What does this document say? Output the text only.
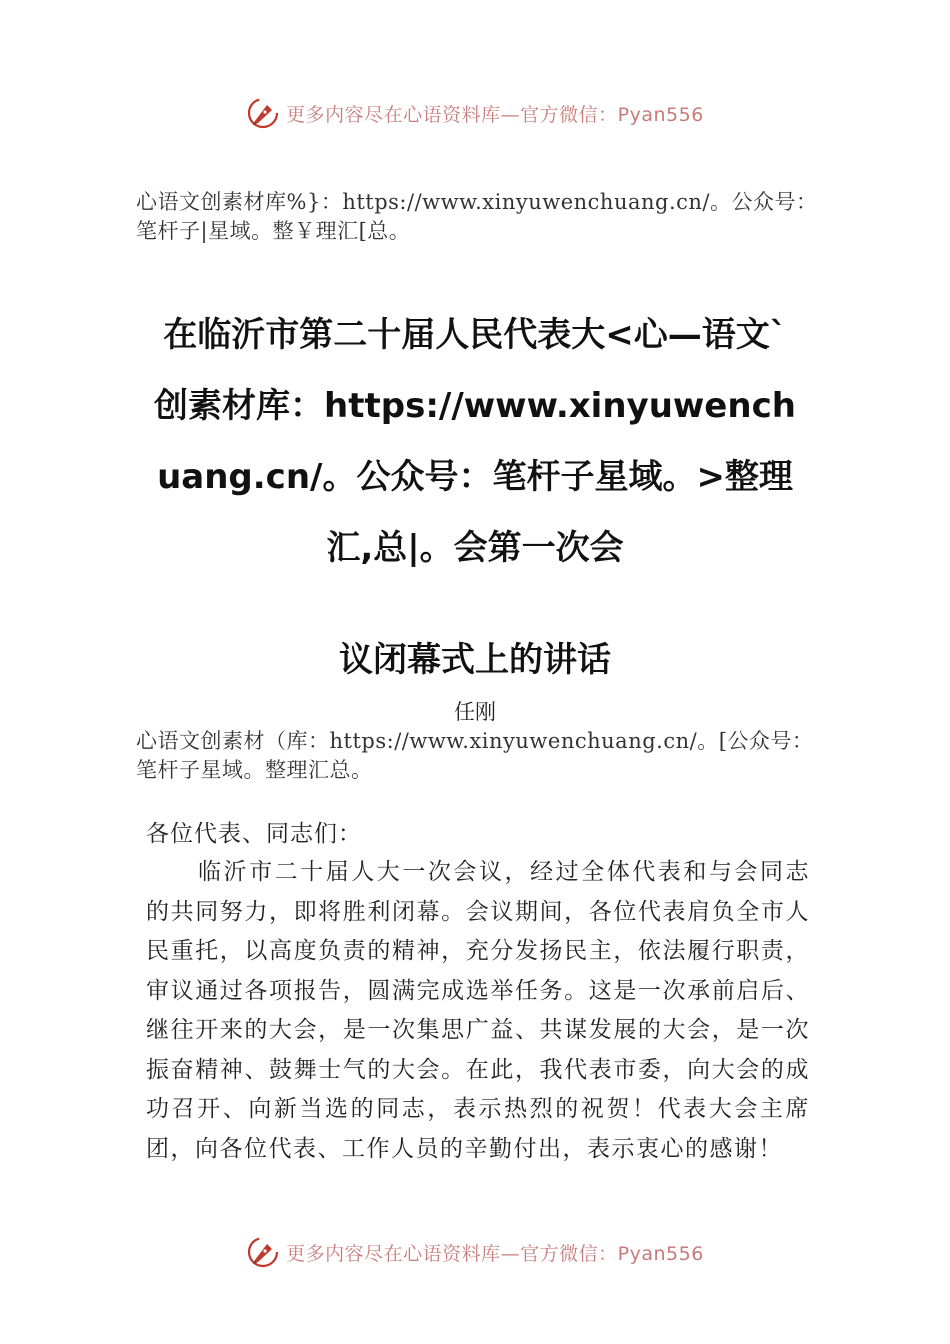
更多内容尽在心语资料库—官方微信：Pyan556
心语文创素材库%}：https://www.xinyuwenchuang.cn/。公众号：笔杆子|星域。整￥理汇[总。
在临沂市第二十届人民代表大<心—语文`创素材库：https://www.xinyuwenchuang.cn/。公众号：笔杆子星域。>整理汇,总|。会第一次会
议闭幕式上的讲话
任刚
心语文创素材（库：https://www.xinyuwenchuang.cn/。[公众号：笔杆子星域。整理汇总。
各位代表、同志们：
临沂市二十届人大一次会议，经过全体代表和与会同志的共同努力，即将胜利闭幕。会议期间，各位代表肩负全市人民重托，以高度负责的精神，充分发扬民主，依法履行职责，审议通过各项报告，圆满完成选举任务。这是一次承前启后、继往开来的大会，是一次集思广益、共谋发展的大会，是一次振奋精神、鼓舞士气的大会。在此，我代表市委，向大会的成功召开、向新当选的同志，表示热烈的祝贺！代表大会主席团，向各位代表、工作人员的辛勤付出，表示衷心的感谢！
更多内容尽在心语资料库—官方微信：Pyan556
